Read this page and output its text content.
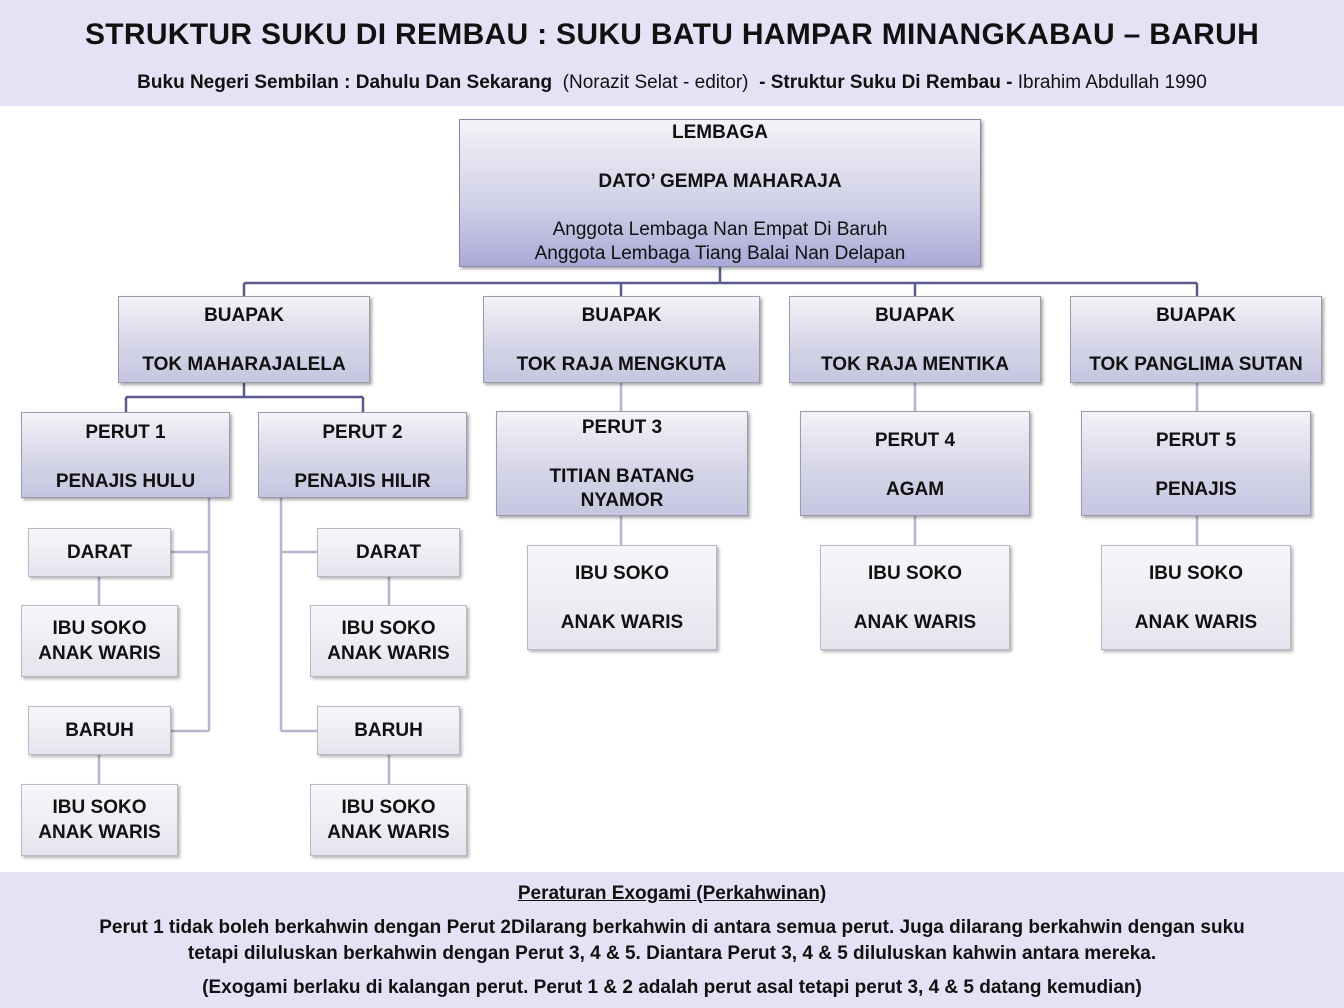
STRUKTUR SUKU DI REMBAU : SUKU BATU HAMPAR MINANGKABAU – BARUH
Buku Negeri Sembilan : Dahulu Dan Sekarang (Norazit Selat - editor) - Struktur Suku Di Rembau - Ibrahim Abdullah 1990
LEMBAGA
DATO’ GEMPA MAHARAJA
Anggota Lembaga Nan Empat Di Baruh
Anggota Lembaga Tiang Balai Nan Delapan
BUAPAK
TOK MAHARAJALELA
BUAPAK
TOK RAJA MENGKUTA
BUAPAK
TOK RAJA MENTIKA
BUAPAK
TOK PANGLIMA SUTAN
PERUT 1
PENAJIS HULU
PERUT 2
PENAJIS HILIR
PERUT 3
TITIAN BATANG
NYAMOR
PERUT 4
AGAM
PERUT 5
PENAJIS
DARAT
IBU SOKO
ANAK WARIS
BARUH
IBU SOKO
ANAK WARIS
DARAT
IBU SOKO
ANAK WARIS
BARUH
IBU SOKO
ANAK WARIS
IBU SOKO
ANAK WARIS
IBU SOKO
ANAK WARIS
IBU SOKO
ANAK WARIS
Peraturan Exogami (Perkahwinan)
Perut 1 tidak boleh berkahwin dengan Perut 2Dilarang berkahwin di antara semua perut. Juga dilarang berkahwin dengan suku
tetapi diluluskan berkahwin dengan Perut 3, 4 & 5. Diantara Perut 3, 4 & 5 diluluskan kahwin antara mereka.
(Exogami berlaku di kalangan perut. Perut 1 & 2 adalah perut asal tetapi perut 3, 4 & 5 datang kemudian)
